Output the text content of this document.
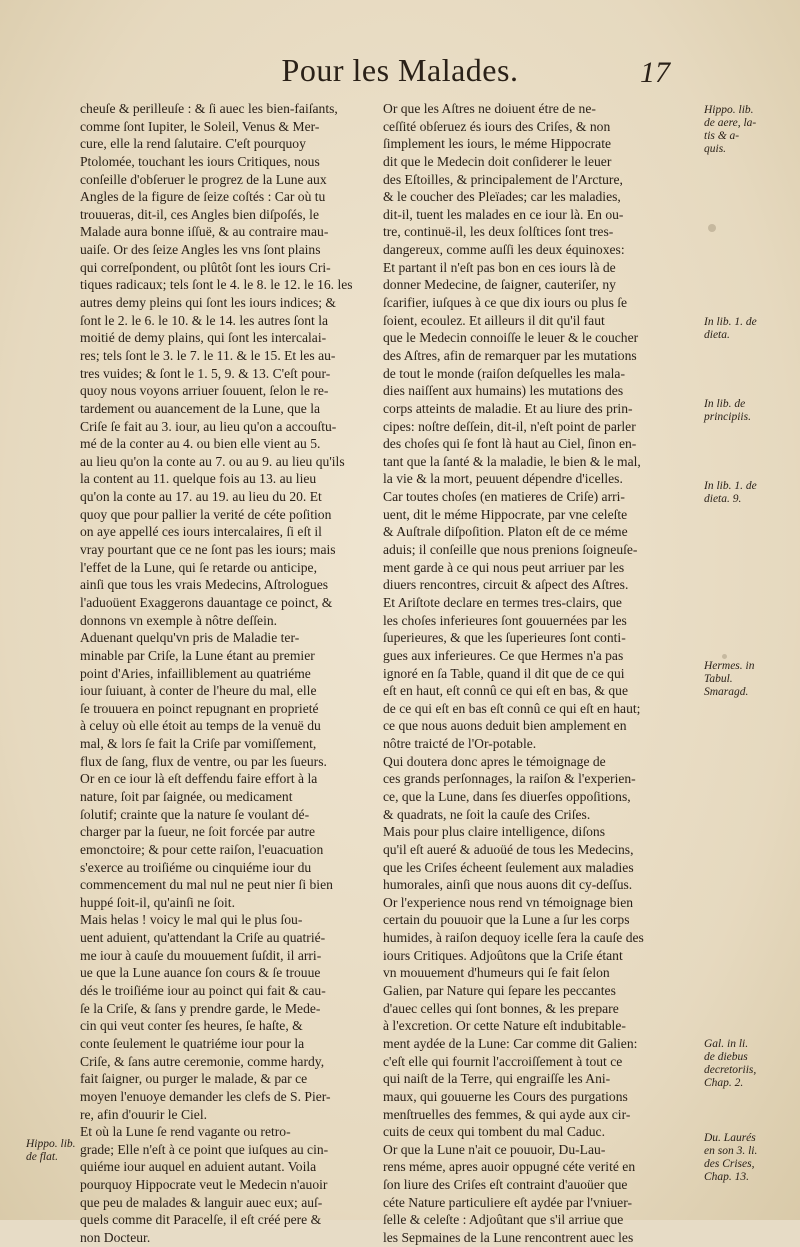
Pour les Malades.	17
cheuſe & perilleuſe : & ſi auec les bien-faiſants,
comme ſont Iupiter, le Soleil, Venus & Mer-
cure, elle la rend ſalutaire. C'eſt pourquoy
Ptolomée, touchant les iours Critiques, nous
conſeille d'obſeruer le progrez de la Lune aux
Angles de la figure de ſeize coſtés : Car où tu
trouueras, dit-il, ces Angles bien diſpoſés, le
Malade aura bonne iſſuë, & au contraire mau-
uaiſe. Or des ſeize Angles les vns ſont plains
qui correſpondent, ou plûtôt ſont les iours Cri-
tiques radicaux; tels ſont le 4. le 8. le 12. le 16. les
autres demy pleins qui ſont les iours indices; &
ſont le 2. le 6. le 10. & le 14. les autres ſont la
moitié de demy plains, qui ſont les intercalai-
res; tels ſont le 3. le 7. le 11. & le 15. Et les au-
tres vuides; & ſont le 1. 5, 9. & 13. C'eſt pour-
quoy nous voyons arriuer ſouuent, ſelon le re-
tardement ou auancement de la Lune, que la
Criſe ſe fait au 3. iour, au lieu qu'on a accouſtu-
mé de la conter au 4. ou bien elle vient au 5.
au lieu qu'on la conte au 7. ou au 9. au lieu qu'ils
la content au 11. quelque fois au 13. au lieu
qu'on la conte au 17. au 19. au lieu du 20. Et
quoy que pour pallier la verité de céte poſition
on aye appellé ces iours intercalaires, ſi eſt il
vray pourtant que ce ne ſont pas les iours; mais
l'effet de la Lune, qui ſe retarde ou anticipe,
ainſi que tous les vrais Medecins, Aſtrologues
l'aduoüent Exaggerons dauantage ce poinct, &
donnons vn exemple à nôtre deſſein.
Aduenant quelqu'vn pris de Maladie ter-
minable par Criſe, la Lune étant au premier
point d'Aries, infailliblement au quatriéme
iour ſuiuant, à conter de l'heure du mal, elle
ſe trouuera en poinct repugnant en proprieté
à celuy où elle étoit au temps de la venuë du
mal, & lors ſe fait la Criſe par vomiſſement,
flux de ſang, flux de ventre, ou par les ſueurs.
Or en ce iour là eſt deffendu faire effort à la
nature, ſoit par ſaignée, ou medicament
ſolutif; crainte que la nature ſe voulant dé-
charger par la ſueur, ne ſoit forcée par autre
emonctoire; & pour cette raiſon, l'euacuation
s'exerce au troiſiéme ou cinquiéme iour du
commencement du mal nul ne peut nier ſi bien
huppé ſoit-il, qu'ainſi ne ſoit.
Mais helas ! voicy le mal qui le plus ſou-
uent aduient, qu'attendant la Criſe au quatrié-
me iour à cauſe du mouuement ſuſdit, il arri-
ue que la Lune auance ſon cours & ſe trouue
dés le troiſiéme iour au poinct qui fait & cau-
ſe la Criſe, & ſans y prendre garde, le Mede-
cin qui veut conter ſes heures, ſe haſte, &
conte ſeulement le quatriéme iour pour la
Criſe, & ſans autre ceremonie, comme hardy,
fait ſaigner, ou purger le malade, & par ce
moyen l'enuoye demander les clefs de S. Pier-
re, afin d'ouurir le Ciel.
Et où la Lune ſe rend vagante ou retro-
grade; Elle n'eſt à ce point que iuſques au cin-
quiéme iour auquel en aduient autant. Voila
pourquoy Hippocrate veut le Medecin n'auoir
que peu de malades & languir auec eux; auſ-
quels comme dit Paracelſe, il eſt créé pere &
non Docteur.
Or que les Aſtres ne doiuent étre de ne-
ceſſité obſeruez és iours des Criſes, & non
ſimplement les iours, le méme Hippocrate
dit que le Medecin doit conſiderer le leuer
des Eſtoilles, & principalement de l'Arcture,
& le coucher des Pleïades; car les maladies,
dit-il, tuent les malades en ce iour là. En ou-
tre, continuë-il, les deux ſolſtices ſont tres-
dangereux, comme auſſi les deux équinoxes:
Et partant il n'eſt pas bon en ces iours là de
donner Medecine, de ſaigner, cauteriſer, ny
ſcarifier, iuſques à ce que dix iours ou plus ſe
ſoient, ecoulez. Et ailleurs il dit qu'il faut
que le Medecin connoiſſe le leuer & le coucher
des Aſtres, afin de remarquer par les mutations
de tout le monde (raiſon deſquelles les mala-
dies naiſſent aux humains) les mutations des
corps atteints de maladie. Et au liure des prin-
cipes: noſtre deſſein, dit-il, n'eſt point de parler
des choſes qui ſe font là haut au Ciel, ſinon en-
tant que la ſanté & la maladie, le bien & le mal,
la vie & la mort, peuuent dépendre d'icelles.
Car toutes choſes (en matieres de Criſe) arri-
uent, dit le méme Hippocrate, par vne celeſte
& Auſtrale diſpoſition. Platon eſt de ce méme
aduis; il conſeille que nous prenions ſoigneuſe-
ment garde à ce qui nous peut arriuer par les
diuers rencontres, circuit & aſpect des Aſtres.
Et Ariſtote declare en termes tres-clairs, que
les choſes inferieures ſont gouuernées par les
ſuperieures, & que les ſuperieures ſont conti-
gues aux inferieures. Ce que Hermes n'a pas
ignoré en ſa Table, quand il dit que de ce qui
eſt en haut, eſt connû ce qui eſt en bas, & que
de ce qui eſt en bas eſt connû ce qui eſt en haut;
ce que nous auons deduit bien amplement en
nôtre traicté de l'Or-potable.
Qui doutera donc apres le témoignage de
ces grands perſonnages, la raiſon & l'experien-
ce, que la Lune, dans ſes diuerſes oppoſitions,
& quadrats, ne ſoit la cauſe des Criſes.
Mais pour plus claire intelligence, diſons
qu'il eſt aueré & aduoüé de tous les Medecins,
que les Criſes écheent ſeulement aux maladies
humorales, ainſi que nous auons dit cy-deſſus.
Or l'experience nous rend vn témoignage bien
certain du pouuoir que la Lune a ſur les corps
humides, à raiſon dequoy icelle ſera la cauſe des
iours Critiques. Adjoûtons que la Criſe étant
vn mouuement d'humeurs qui ſe fait ſelon
Galien, par Nature qui ſepare les peccantes
d'auec celles qui ſont bonnes, & les prepare
à l'excretion. Or cette Nature eſt indubitable-
ment aydée de la Lune: Car comme dit Galien:
c'eſt elle qui fournit l'accroiſſement à tout ce
qui naiſt de la Terre, qui engraiſſe les Ani-
maux, qui gouuerne les Cours des purgations
menſtruelles des femmes, & qui ayde aux cir-
cuits de ceux qui tombent du mal Caduc.
Or que la Lune n'ait ce pouuoir, Du-Lau-
rens méme, apres auoir oppugné céte verité en
ſon liure des Criſes eſt contraint d'auoüer que
céte Nature particuliere eſt aydée par l'vniuer-
ſelle & celeſte : Adjoûtant que s'il arriue que
les Sepmaines de la Lune rencontrent auec les
Hippo. lib.
de aere, la-
tis & a-
quis.
In lib. 1. de
dieta.
In lib. de
principiis.
In lib. 1. de
dieta. 9.
Hermes. in
Tabul.
Smaragd.
Gal. in li.
de diebus
decretoriis,
Chap. 2.
Du. Laurés
en son 3. li.
des Crises,
Chap. 13.
Hippo. lib.
de flat.
